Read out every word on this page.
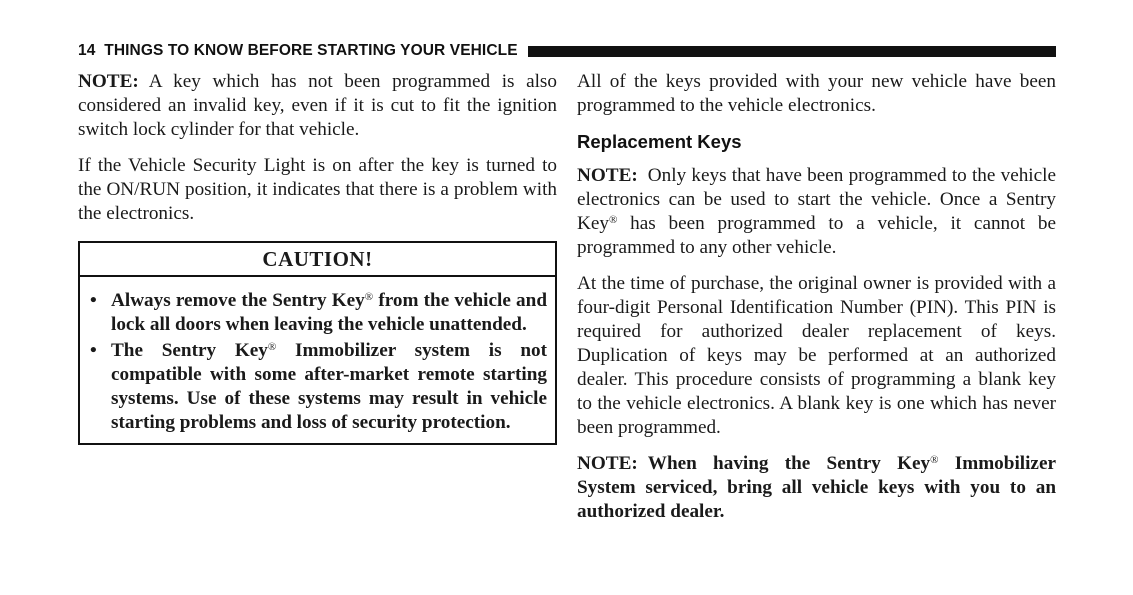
14 THINGS TO KNOW BEFORE STARTING YOUR VEHICLE

NOTE: A key which has not been programmed is also considered an invalid key, even if it is cut to fit the ignition switch lock cylinder for that vehicle.

If the Vehicle Security Light is on after the key is turned to the ON/RUN position, it indicates that there is a problem with the electronics.

CAUTION!
• Always remove the Sentry Key® from the vehicle and lock all doors when leaving the vehicle unattended.
• The Sentry Key® Immobilizer system is not compatible with some after-market remote starting systems. Use of these systems may result in vehicle starting problems and loss of security protection.

All of the keys provided with your new vehicle have been programmed to the vehicle electronics.

Replacement Keys

NOTE: Only keys that have been programmed to the vehicle electronics can be used to start the vehicle. Once a Sentry Key® has been programmed to a vehicle, it cannot be programmed to any other vehicle.

At the time of purchase, the original owner is provided with a four-digit Personal Identification Number (PIN). This PIN is required for authorized dealer replacement of keys. Duplication of keys may be performed at an authorized dealer. This procedure consists of programming a blank key to the vehicle electronics. A blank key is one which has never been programmed.

NOTE: When having the Sentry Key® Immobilizer System serviced, bring all vehicle keys with you to an authorized dealer.
